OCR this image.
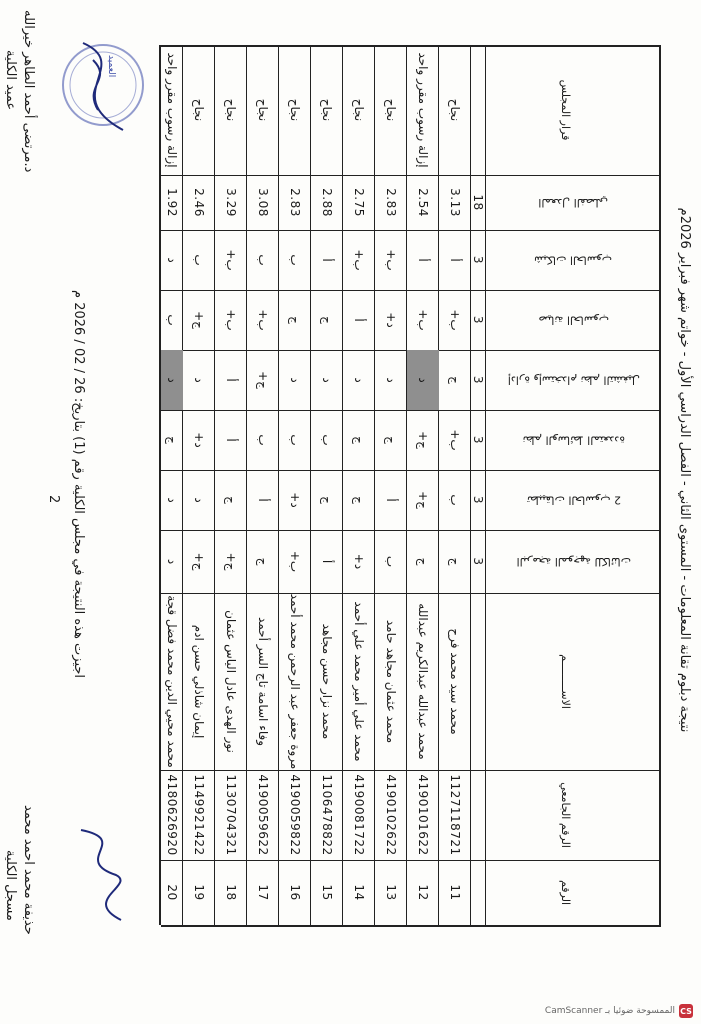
نتيجة دبلوم تقانة المعلومات - المستوى الثاني - الفصل الدراسي الأول - خواتم شهر فبراير 2026م
قرار المجلس
المعدل الفصلي
شبكات الحاسوب
صيانة الحاسوب
إدارة وإستخدام نظم التشغيل
نظم الوسائط المتعددة
تطبيقات الحاسوب 2
البرمجة الموجهة للكائنات
الاســـــــــم
الرقم الجامعي
الرقم
18
3
3
3
3
3
3
11
1127118721
محمد سيد محمد فرح
ج
ب
ب+
ج
ب+
أ
3.13
نجاح
12
4190101622
محمد عبدالله عبدالكريم عبدالله
ج
ج+
ج+
د
ب+
أ
2.54
إزالة رسوب مقرر واحد
13
4190102622
محمد عثمان مجاهد حامد
ب
أ
ج
د
د+
ب+
2.83
نجاح
14
4190081722
محمد علي أمير محمد علي أحمد
د+
ج
ج
د
أ
ب+
2.75
نجاح
15
1106478822
محمد نزار حسن مجاهد
أ
ج
ب
د
ج
أ
2.88
نجاح
16
4190059822
مروة جعفر عبد الرحمن محمد أحمد
ب+
د+
ب
د
ج
ب
2.83
نجاح
17
4190059622
وفاء اسامة تاج السر أحمد
ج
أ
ب
ج+
ب+
ب
3.08
نجاح
18
1130704321
نور الهدى عادل الياس عثمان
ج+
ج
أ
أ
ب+
ب+
3.29
نجاح
19
1149921422
إيمان شاذلي حسن ادم
ج+
د
د+
د
ج+
ب
2.46
نجاح
20
4180626920
محمد محيي الدين محمد فضل قجة
د
د
ج
د
ب
د
1.92
إزالة رسوب مقرر واحد
العميد
اجيزت هذه النتيجة في مجلس الكلية رقم (1) بتاريخ: 26 / 02 / 2026 م
2
د.مرتضى أحمد الطاهر خيرالله
عميد الكلية
حذيفة محمد احمد محمد
مسجل الكلية
CamScanner الممسوحة ضوئيا بـ CS
